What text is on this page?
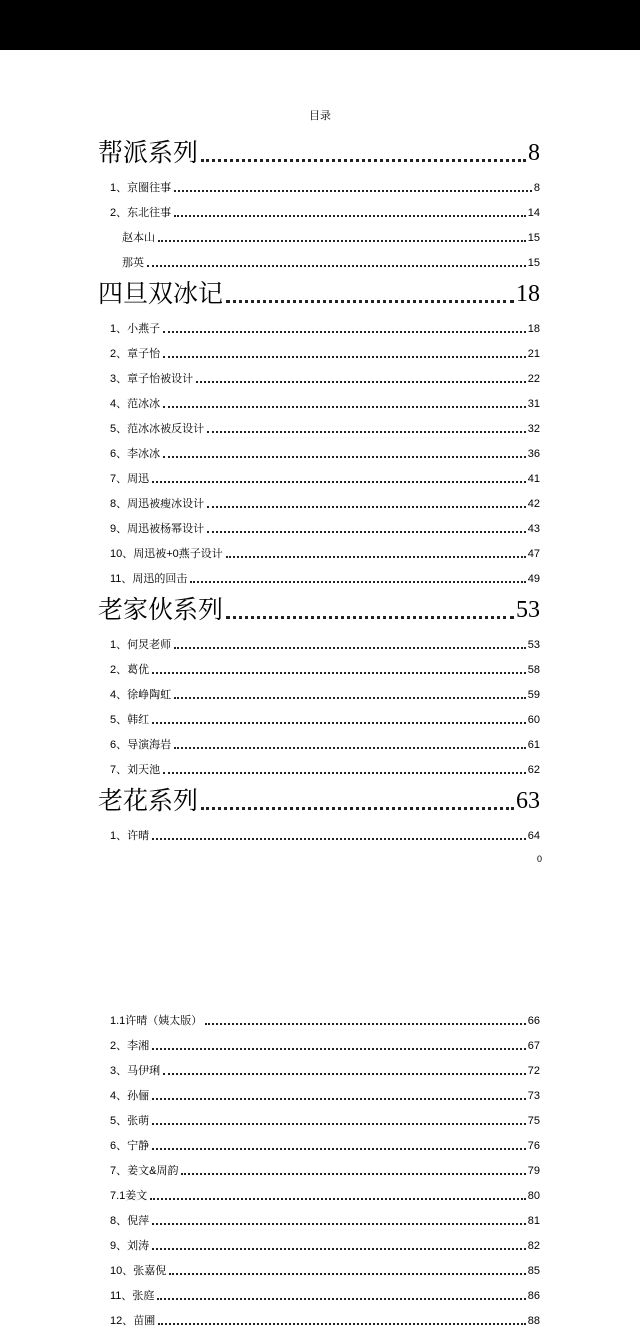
目录
帮派系列	8
1、京圈往事	8
2、东北往事	14
赵本山	15
那英	15
四旦双冰记	18
1、小燕子	18
2、章子怡	21
3、章子怡被设计	22
4、范冰冰	31
5、范冰冰被反设计	32
6、李冰冰	36
7、周迅	41
8、周迅被瘦冰设计	42
9、周迅被杨幂设计	43
10、周迅被+0燕子设计	47
11、周迅的回击	49
老家伙系列	53
1、何炅老师	53
2、葛优	58
4、徐峥陶虹	59
5、韩红	60
6、导演海岩	61
7、刘天池	62
老花系列	63
1、许晴	64
0
1.1许晴（姨太版）	66
2、李湘	67
3、马伊琍	72
4、孙俪	73
5、张萌	75
6、宁静	76
7、姜文&周韵	79
7.1姜文	80
8、倪萍	81
9、刘涛	82
10、张嘉倪	85
11、张庭	86
12、苗圃	88
